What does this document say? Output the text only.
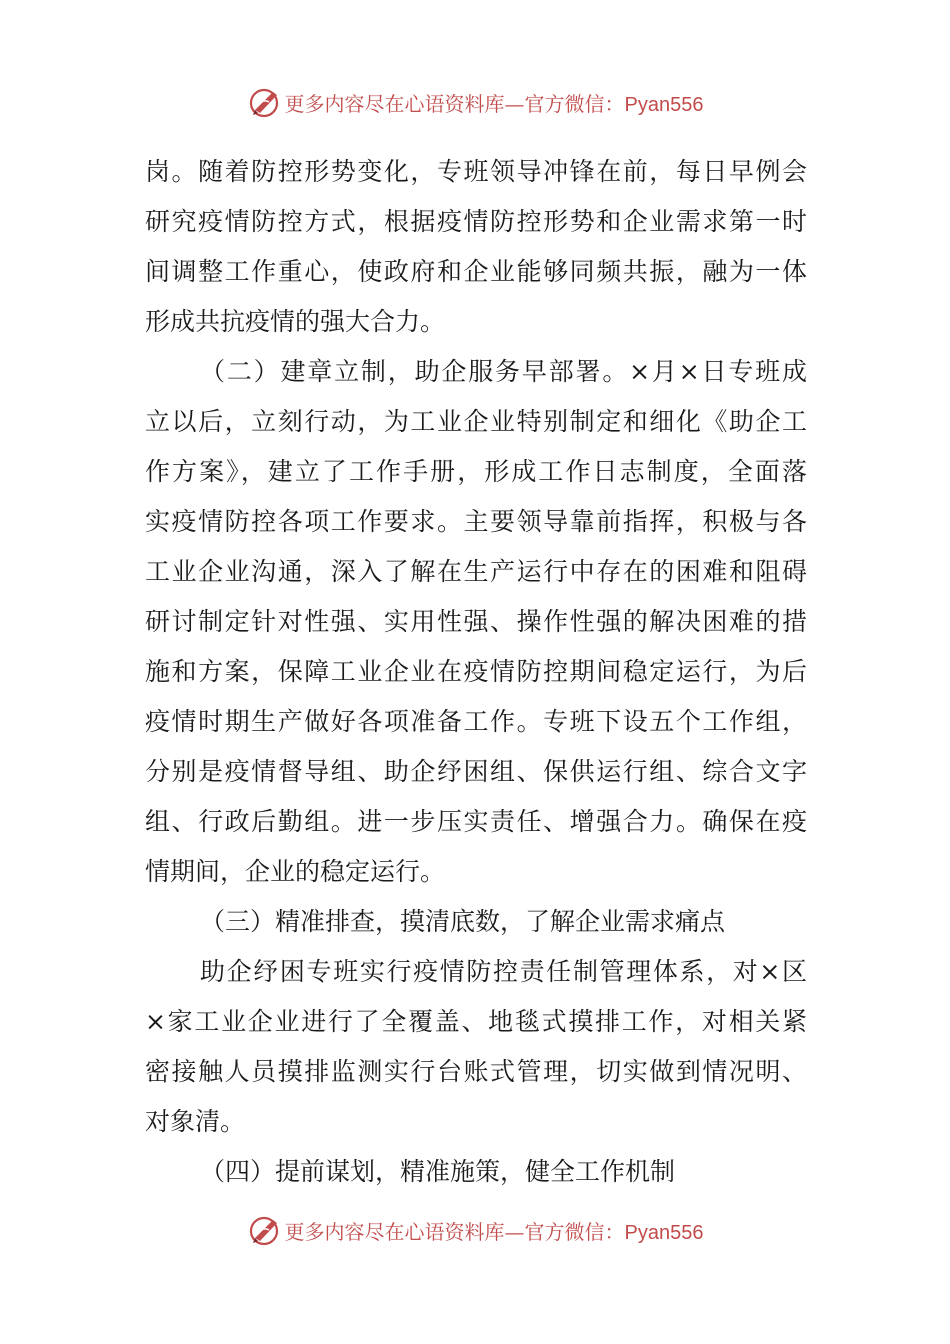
更多内容尽在心语资料库—官方微信：Pyan556
岗。随着防控形势变化，专班领导冲锋在前，每日早例会
研究疫情防控方式，根据疫情防控形势和企业需求第一时
间调整工作重心，使政府和企业能够同频共振，融为一体
形成共抗疫情的强大合力。
（二）建章立制，助企服务早部署。×月×日专班成
立以后，立刻行动，为工业企业特别制定和细化《助企工
作方案》，建立了工作手册，形成工作日志制度，全面落
实疫情防控各项工作要求。主要领导靠前指挥，积极与各
工业企业沟通，深入了解在生产运行中存在的困难和阻碍
研讨制定针对性强、实用性强、操作性强的解决困难的措
施和方案，保障工业企业在疫情防控期间稳定运行，为后
疫情时期生产做好各项准备工作。专班下设五个工作组，
分别是疫情督导组、助企纾困组、保供运行组、综合文字
组、行政后勤组。进一步压实责任、增强合力。确保在疫
情期间，企业的稳定运行。
（三）精准排查，摸清底数，了解企业需求痛点
助企纾困专班实行疫情防控责任制管理体系，对×区
×家工业企业进行了全覆盖、地毯式摸排工作，对相关紧
密接触人员摸排监测实行台账式管理，切实做到情况明、
对象清。
（四）提前谋划，精准施策，健全工作机制
更多内容尽在心语资料库—官方微信：Pyan556
